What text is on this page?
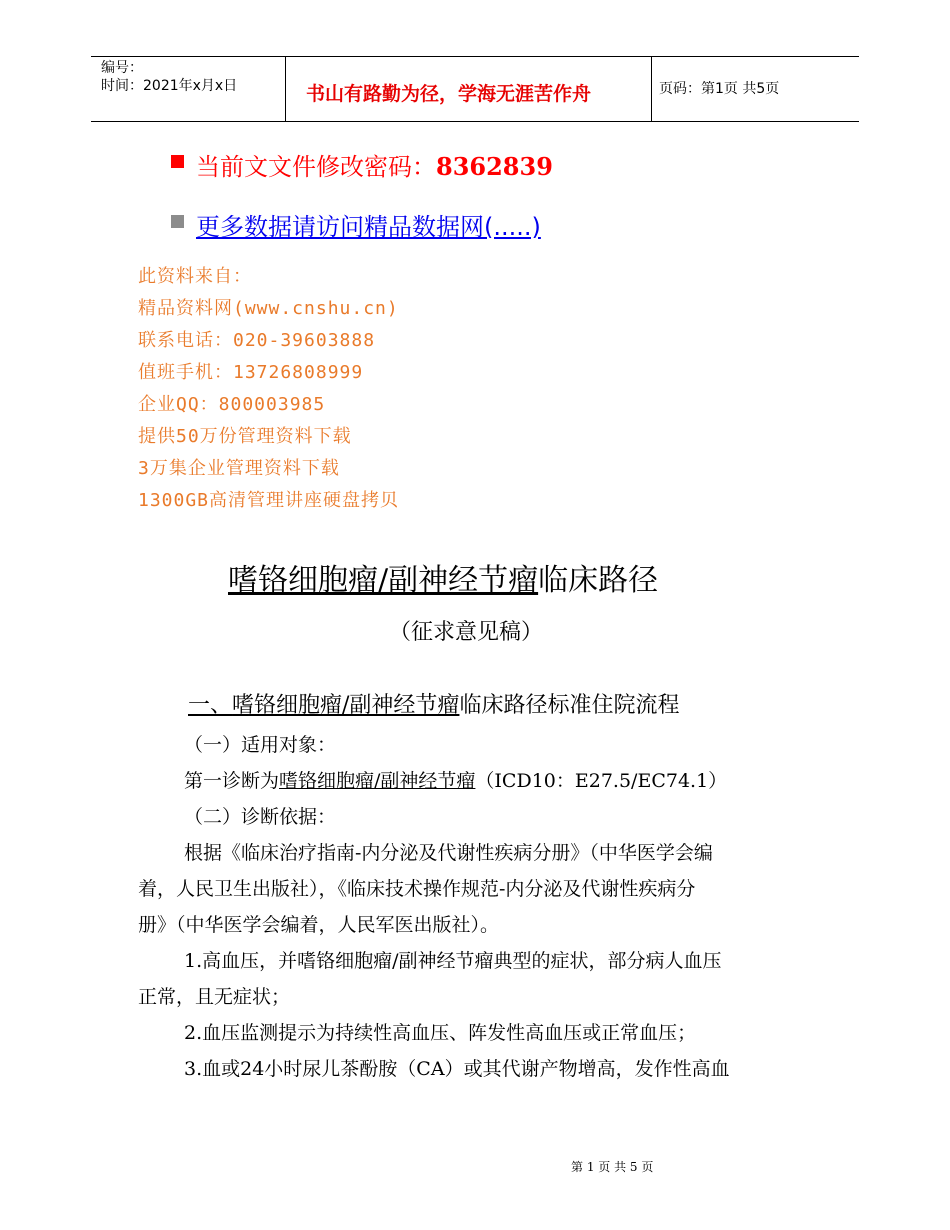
编号：
时间：2021年x月x日	书山有路勤为径，学海无涯苦作舟	页码：第1页 共5页
当前文文件修改密码：8362839
更多数据请访问精品数据网(.....)
此资料来自：
精品资料网(www.cnshu.cn)
联系电话：020-39603888
值班手机：13726808999
企业QQ：800003985
提供50万份管理资料下载
3万集企业管理资料下载
1300GB高清管理讲座硬盘拷贝
嗜铬细胞瘤/副神经节瘤临床路径
（征求意见稿）
一、嗜铬细胞瘤/副神经节瘤临床路径标准住院流程
（一）适用对象：
第一诊断为嗜铬细胞瘤/副神经节瘤（ICD10：E27.5/EC74.1）
（二）诊断依据：
根据《临床治疗指南-内分泌及代谢性疾病分册》（中华医学会编
着，人民卫生出版社），《临床技术操作规范-内分泌及代谢性疾病分
册》（中华医学会编着，人民军医出版社）。
1.高血压，并嗜铬细胞瘤/副神经节瘤典型的症状，部分病人血压
正常，且无症状；
2.血压监测提示为持续性高血压、阵发性高血压或正常血压；
3.血或24小时尿儿茶酚胺（CA）或其代谢产物增高，发作性高血
第 1 页 共 5 页
